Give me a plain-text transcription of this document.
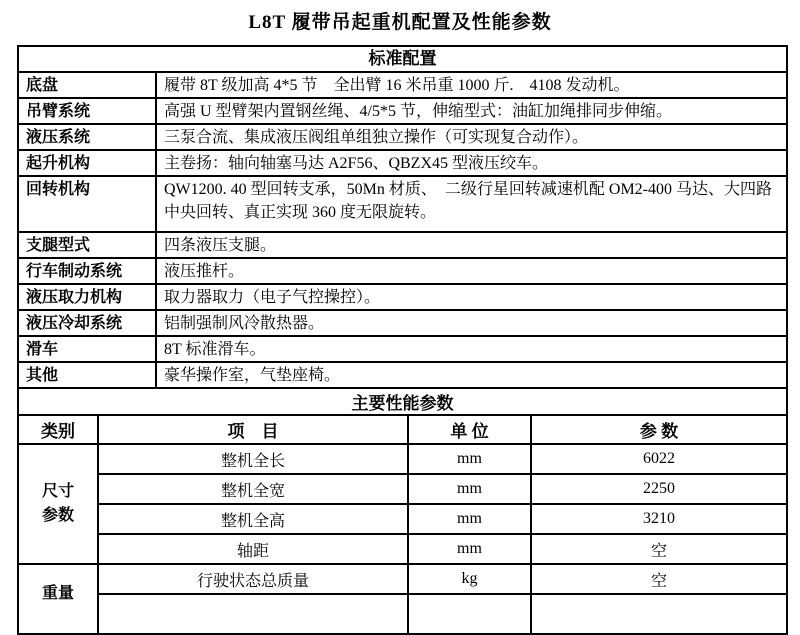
L8T 履带吊起重机配置及性能参数
标准配置	
底盘	履带 8T 级加高 4*5 节　全出臂 16 米吊重 1000 斤.　4108 发动机。
吊臂系统	高强 U 型臂架内置钢丝绳、4/5*5 节，伸缩型式：油缸加绳排同步伸缩。
液压系统	三泵合流、集成液压阀组单组独立操作（可实现复合动作）。
起升机构	主卷扬：轴向轴塞马达 A2F56、QBZX45 型液压绞车。
回转机构	QW1200. 40 型回转支承，50Mn 材质、　二级行星回转减速机配 OM2-400 马达、大四路中央回转、真正实现 360 度无限旋转。
支腿型式	四条液压支腿。
行车制动系统	液压推杆。
液压取力机构	取力器取力（电子气控操控）。
液压冷却系统	铝制强制风冷散热器。
滑车	8T 标准滑车。
其他	豪华操作室，气垫座椅。
主要性能参数			
类别	项　目	单 位	参 数
尺寸参数	整机全长	mm	6022
	整机全宽	mm	2250
	整机全高	mm	3210
	轴距	mm	空
重量	行驶状态总质量	kg	空
